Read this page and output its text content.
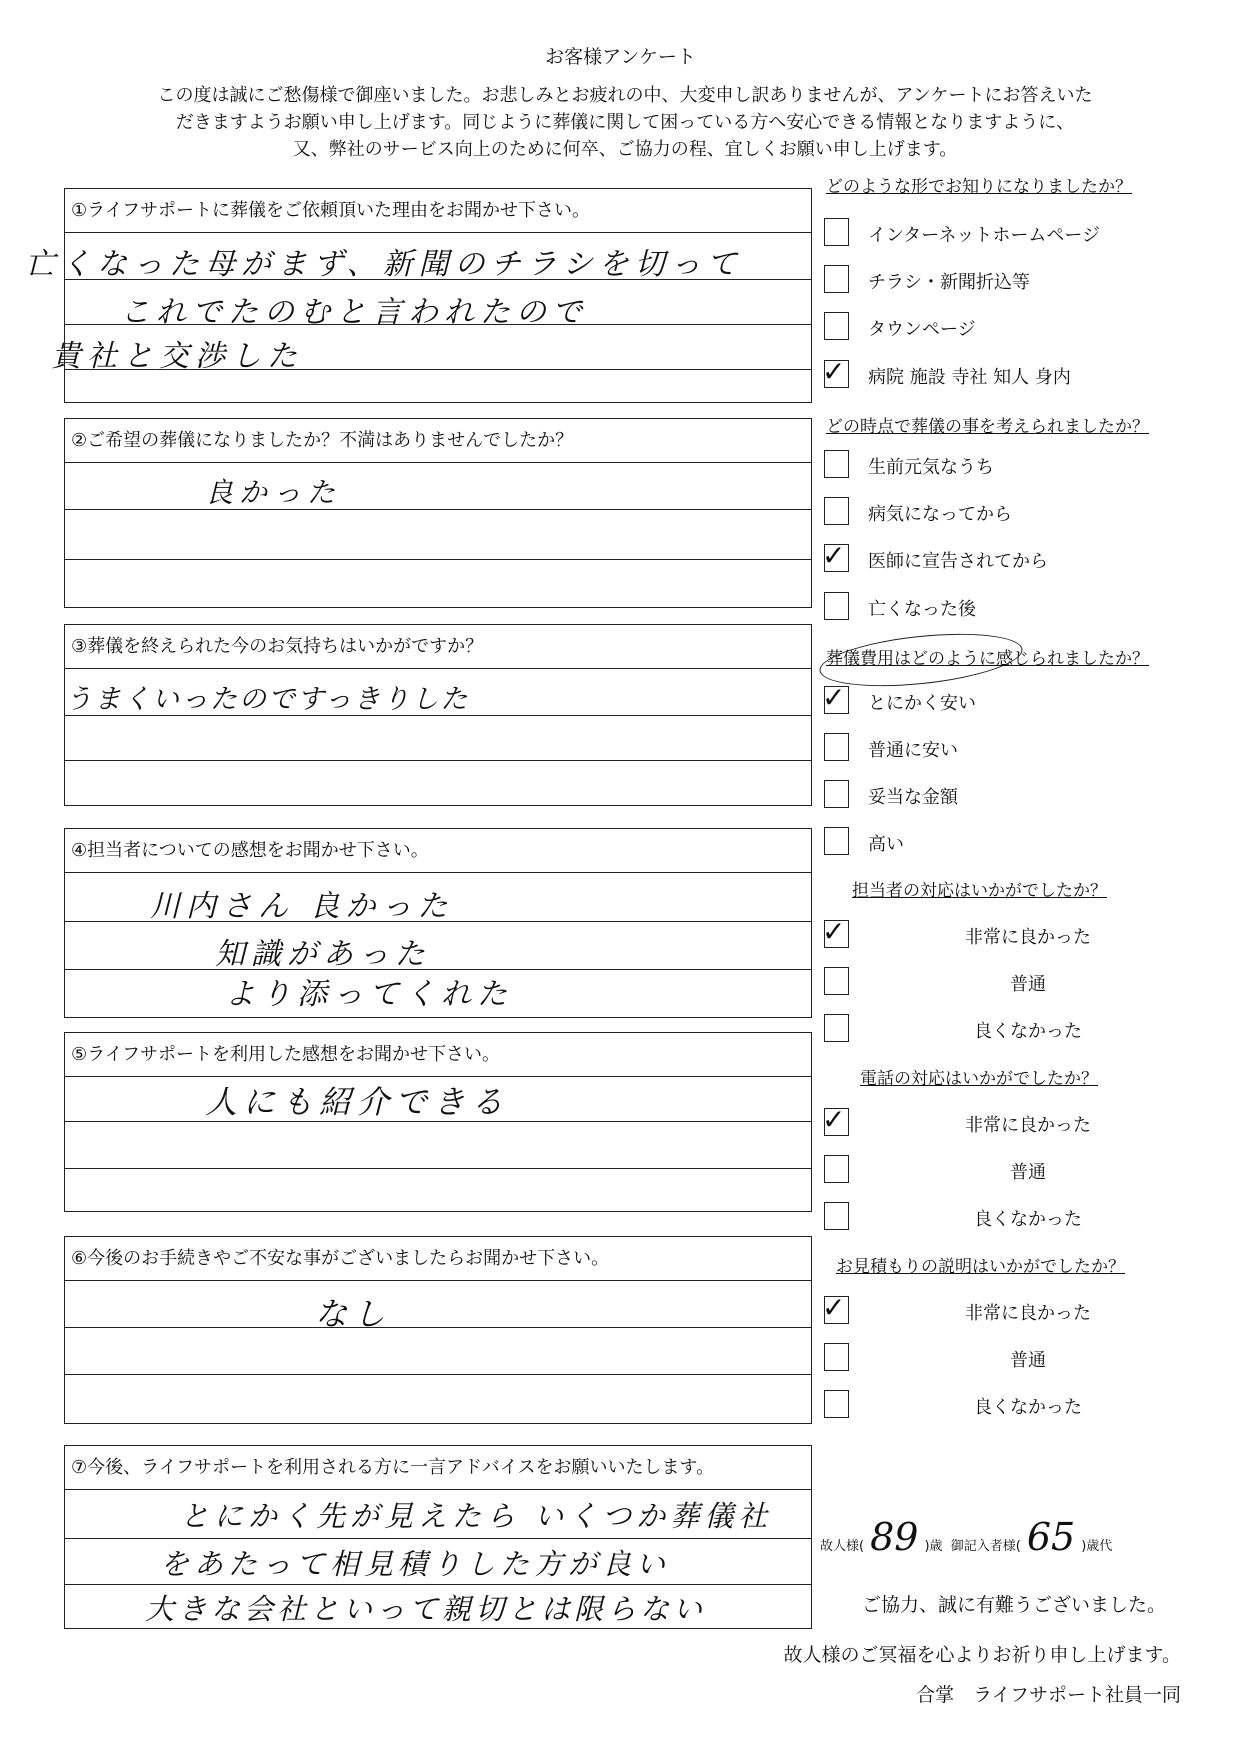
お客様アンケート

この度は誠にご愁傷様で御座いました。お悲しみとお疲れの中、大変申し訳ありませんが、アンケートにお答えいた

だきますようお願い申し上げます。同じように葬儀に関して困っている方へ安心できる情報となりますように、

又、弊社のサービス向上のために何卒、ご協力の程、宜しくお願い申し上げます。

①ライフサポートに葬儀をご依頼頂いた理由をお聞かせ下さい。
亡くなった母がまず、新聞のチラシを切って
これでたのむと言われたので
貴社と交渉した
②ご希望の葬儀になりましたか？不満はありませんでしたか？
良かった
③葬儀を終えられた今のお気持ちはいかがですか？
うまくいったのですっきりした
④担当者についての感想をお聞かせ下さい。
川内さん 良かった
知識があった
より添ってくれた
⑤ライフサポートを利用した感想をお聞かせ下さい。
人にも紹介できる
⑥今後のお手続きやご不安な事がございましたらお聞かせ下さい。
なし
⑦今後、ライフサポートを利用される方に一言アドバイスをお願いいたします。
とにかく先が見えたら いくつか葬儀社
をあたって相見積りした方が良い
大きな会社といって親切とは限らない
どのような形でお知りになりましたか？
インターネットホームページ
チラシ・新聞折込等
タウンページ
✓ 病院 施設 寺社 知人 身内
どの時点で葬儀の事を考えられましたか？
生前元気なうち
病気になってから
✓ 医師に宣告されてから
亡くなった後
葬儀費用はどのように感じられましたか？
✓ とにかく安い
普通に安い
妥当な金額
高い
担当者の対応はいかがでしたか？
✓	非常に良かった
普通
良くなかった
電話の対応はいかがでしたか？
✓	非常に良かった
普通
良くなかった
お見積もりの説明はいかがでしたか？
✓	非常に良かった
普通
良くなかった
故人様( 89 )歳 御記入者様( 65 )歳代
ご協力、誠に有難うございました。
故人様のご冥福を心よりお祈り申し上げます。
合掌　ライフサポート社員一同
